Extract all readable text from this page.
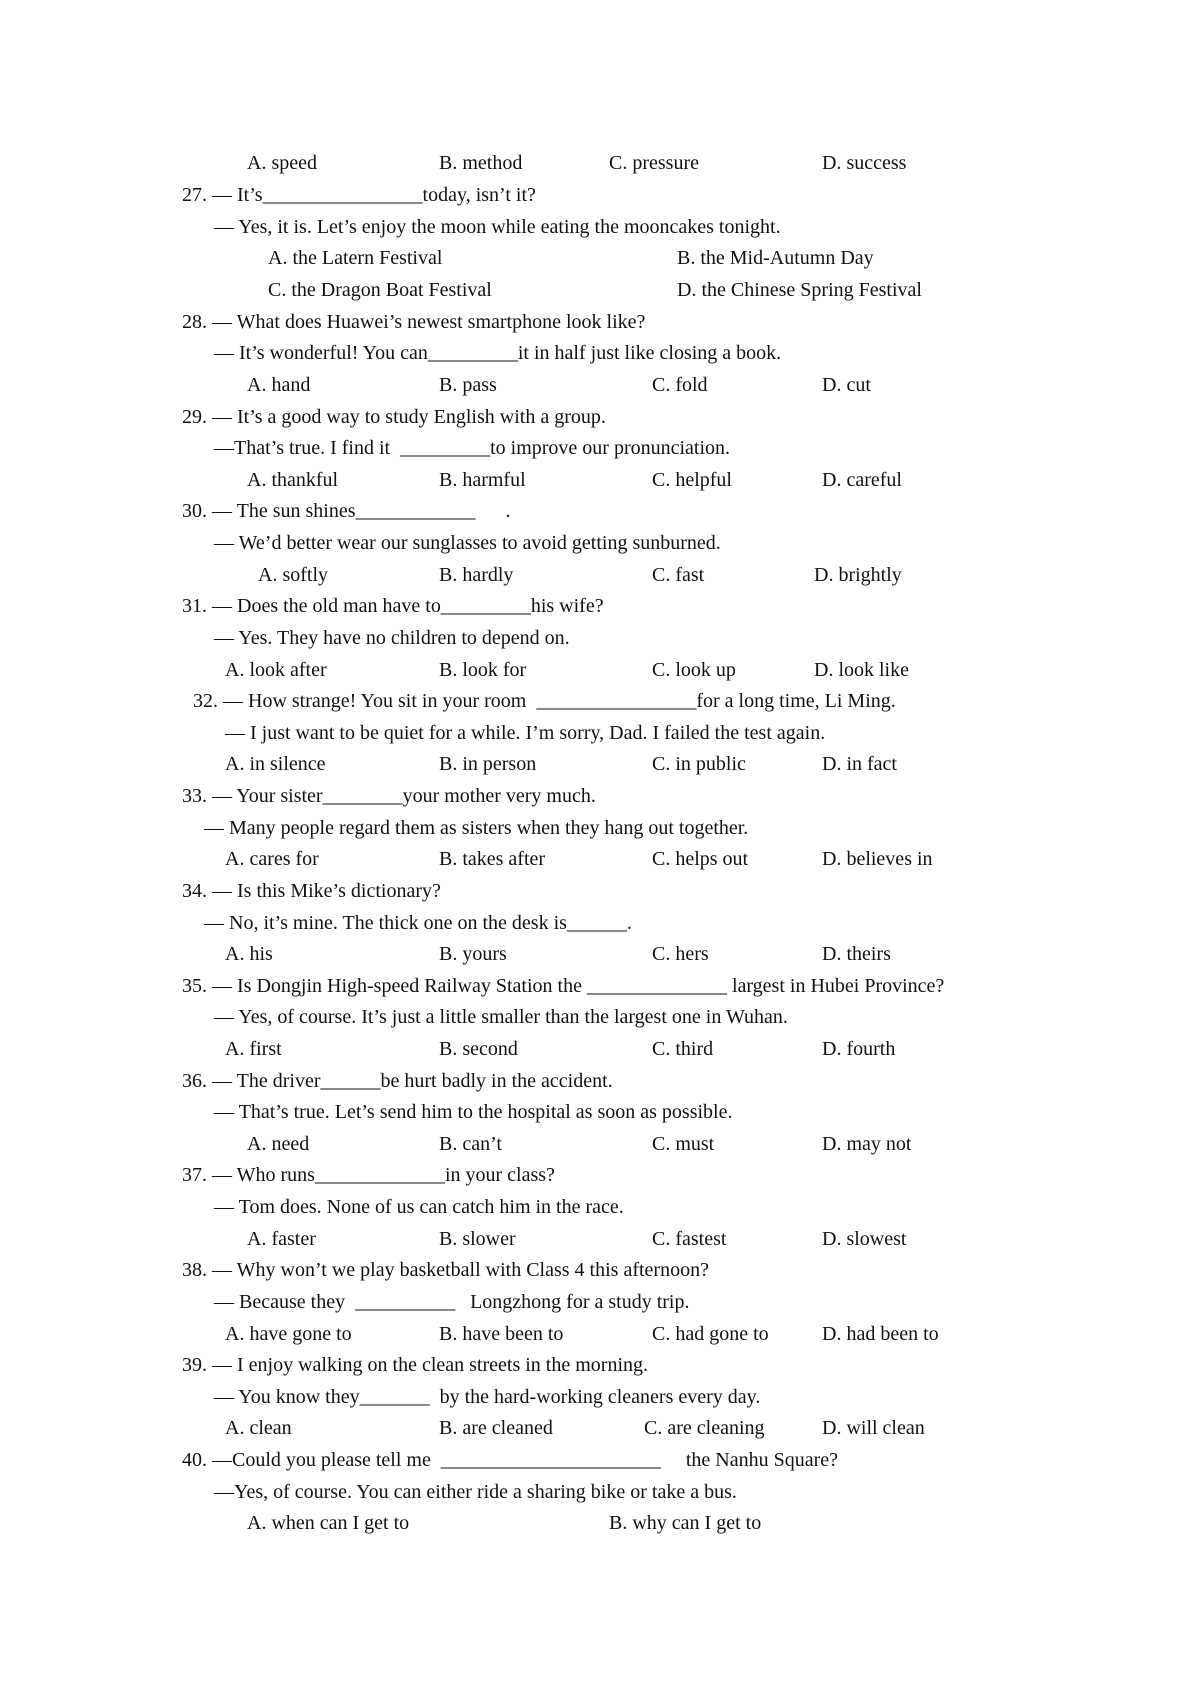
A. speed	B. method	C. pressure	D. success
27. — It’s________________today, isn’t it?
— Yes, it is. Let’s enjoy the moon while eating the mooncakes tonight.
A. the Latern Festival	B. the Mid-Autumn Day
C. the Dragon Boat Festival	D. the Chinese Spring Festival
28. — What does Huawei’s newest smartphone look like?
— It’s wonderful! You can_________it in half just like closing a book.
A. hand	B. pass	C. fold	D. cut
29. — It’s a good way to study English with a group.
—That’s true. I find it  _________to improve our pronunciation.
A. thankful	B. harmful	C. helpful	D. careful
30. — The sun shines____________      .
— We’d better wear our sunglasses to avoid getting sunburned.
A. softly	B. hardly	C. fast	D. brightly
31. — Does the old man have to_________his wife?
— Yes. They have no children to depend on.
A. look after	B. look for	C. look up	D. look like
32. — How strange! You sit in your room  ________________for a long time, Li Ming.
— I just want to be quiet for a while. I’m sorry, Dad. I failed the test again.
A. in silence	B. in person	C. in public	D. in fact
33. — Your sister________your mother very much.
— Many people regard them as sisters when they hang out together.
A. cares for	B. takes after	C. helps out	D. believes in
34. — Is this Mike’s dictionary?
— No, it’s mine. The thick one on the desk is______.
A. his	B. yours	C. hers	D. theirs
35. — Is Dongjin High-speed Railway Station the ______________ largest in Hubei Province?
— Yes, of course. It’s just a little smaller than the largest one in Wuhan.
A. first	B. second	C. third	D. fourth
36. — The driver______be hurt badly in the accident.
— That’s true. Let’s send him to the hospital as soon as possible.
A. need	B. can’t	C. must	D. may not
37. — Who runs_____________in your class?
— Tom does. None of us can catch him in the race.
A. faster	B. slower	C. fastest	D. slowest
38. — Why won’t we play basketball with Class 4 this afternoon?
— Because they  __________   Longzhong for a study trip.
A. have gone to	B. have been to	C. had gone to	D. had been to
39. — I enjoy walking on the clean streets in the morning.
— You know they_______  by the hard-working cleaners every day.
A. clean	B. are cleaned	C. are cleaning	D. will clean
40. —Could you please tell me  ______________________     the Nanhu Square?
—Yes, of course. You can either ride a sharing bike or take a bus.
A. when can I get to	B. why can I get to
